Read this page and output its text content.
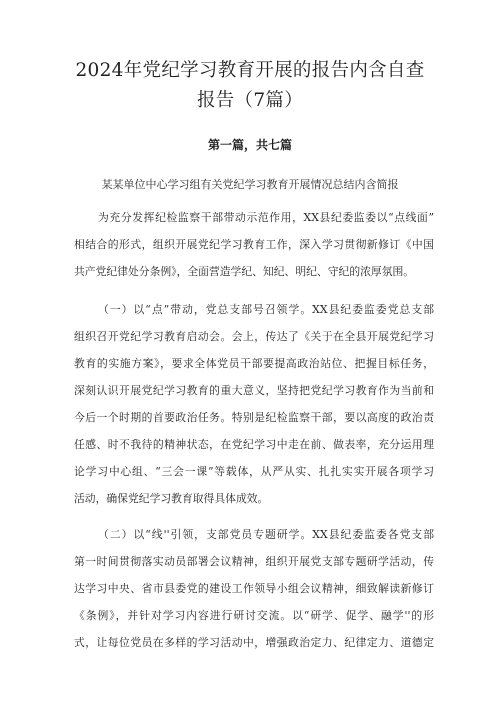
2024年党纪学习教育开展的报告内含自查
报告（7篇）
第一篇，共七篇
某某单位中心学习组有关党纪学习教育开展情况总结内含简报
为充分发挥纪检监察干部带动示范作用，XX县纪委监委以“点线面”
相结合的形式，组织开展党纪学习教育工作，深入学习贯彻新修订《中国
共产党纪律处分条例》，全面营造学纪、知纪、明纪、守纪的浓厚氛围。
（一）以“点”带动，党总支部号召领学。XX县纪委监委党总支部
组织召开党纪学习教育启动会。会上，传达了《关于在全县开展党纪学习
教育的实施方案》，要求全体党员干部要提高政治站位、把握目标任务，
深刻认识开展党纪学习教育的重大意义，坚持把党纪学习教育作为当前和
今后一个时期的首要政治任务。特别是纪检监察干部，要以高度的政治责
任感、时不我待的精神状态，在党纪学习中走在前、做表率，充分运用理
论学习中心组、“三会一课”等载体，从严从实、扎扎实实开展各项学习
活动，确保党纪学习教育取得具体成效。
（二）以“线''引领，支部党员专题研学。XX县纪委监委各党支部
第一时间贯彻落实动员部署会议精神，组织开展党支部专题研学活动，传
达学习中央、省市县委党的建设工作领导小组会议精神，细致解读新修订
《条例》，并针对学习内容进行研讨交流。以“研学、促学、融学''的形
式，让每位党员在多样的学习活动中，增强政治定力、纪律定力、道德定
